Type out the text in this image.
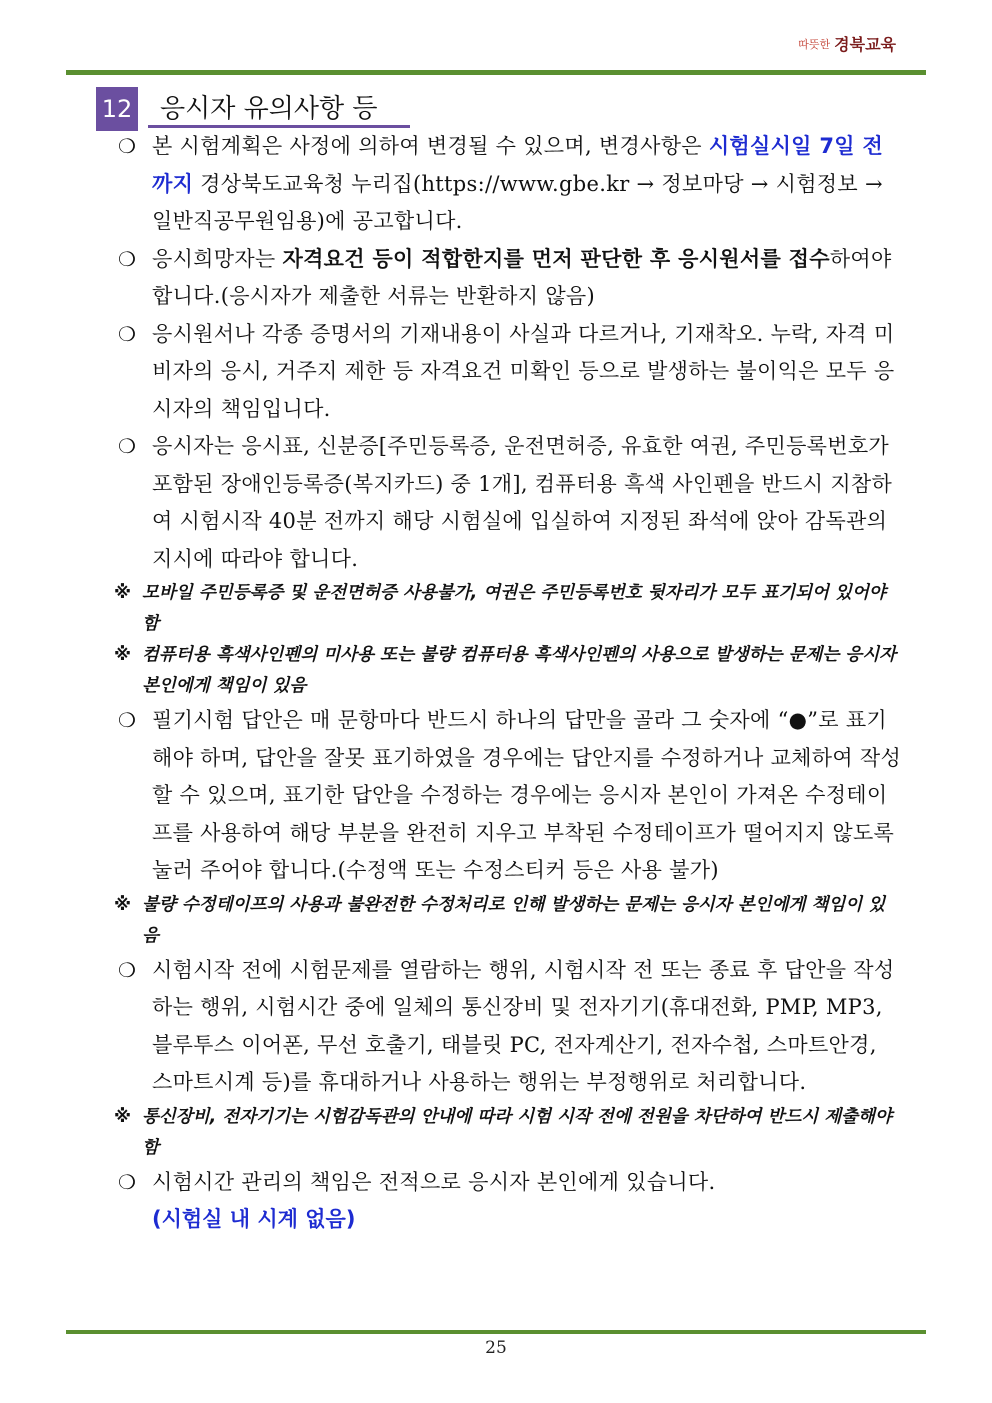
따뜻한 경북교육
12	응시자 유의사항 등
❍ 본 시험계획은 사정에 의하여 변경될 수 있으며, 변경사항은 시험실시일 7일 전까지 경상북도교육청 누리집(https://www.gbe.kr → 정보마당 → 시험정보 → 일반직공무원임용)에 공고합니다.
❍ 응시희망자는 자격요건 등이 적합한지를 먼저 판단한 후 응시원서를 접수하여야 합니다.(응시자가 제출한 서류는 반환하지 않음)
❍ 응시원서나 각종 증명서의 기재내용이 사실과 다르거나, 기재착오. 누락, 자격 미비자의 응시, 거주지 제한 등 자격요건 미확인 등으로 발생하는 불이익은 모두 응시자의 책임입니다.
❍ 응시자는 응시표, 신분증[주민등록증, 운전면허증, 유효한 여권, 주민등록번호가 포함된 장애인등록증(복지카드) 중 1개], 컴퓨터용 흑색 사인펜을 반드시 지참하여 시험시작 40분 전까지 해당 시험실에 입실하여 지정된 좌석에 앉아 감독관의 지시에 따라야 합니다.
※ 모바일 주민등록증 및 운전면허증 사용불가, 여권은 주민등록번호 뒷자리가 모두 표기되어 있어야 함
※ 컴퓨터용 흑색사인펜의 미사용 또는 불량 컴퓨터용 흑색사인펜의 사용으로 발생하는 문제는 응시자 본인에게 책임이 있음
❍ 필기시험 답안은 매 문항마다 반드시 하나의 답만을 골라 그 숫자에 “●”로 표기해야 하며, 답안을 잘못 표기하였을 경우에는 답안지를 수정하거나 교체하여 작성할 수 있으며, 표기한 답안을 수정하는 경우에는 응시자 본인이 가져온 수정테이프를 사용하여 해당 부분을 완전히 지우고 부착된 수정테이프가 떨어지지 않도록 눌러 주어야 합니다.(수정액 또는 수정스티커 등은 사용 불가)
※ 불량 수정테이프의 사용과 불완전한 수정처리로 인해 발생하는 문제는 응시자 본인에게 책임이 있음
❍ 시험시작 전에 시험문제를 열람하는 행위, 시험시작 전 또는 종료 후 답안을 작성하는 행위, 시험시간 중에 일체의 통신장비 및 전자기기(휴대전화, PMP, MP3, 블루투스 이어폰, 무선 호출기, 태블릿 PC, 전자계산기, 전자수첩, 스마트안경, 스마트시계 등)를 휴대하거나 사용하는 행위는 부정행위로 처리합니다.
※ 통신장비, 전자기기는 시험감독관의 안내에 따라 시험 시작 전에 전원을 차단하여 반드시 제출해야 함
❍ 시험시간 관리의 책임은 전적으로 응시자 본인에게 있습니다.
(시험실 내 시계 없음)
25
